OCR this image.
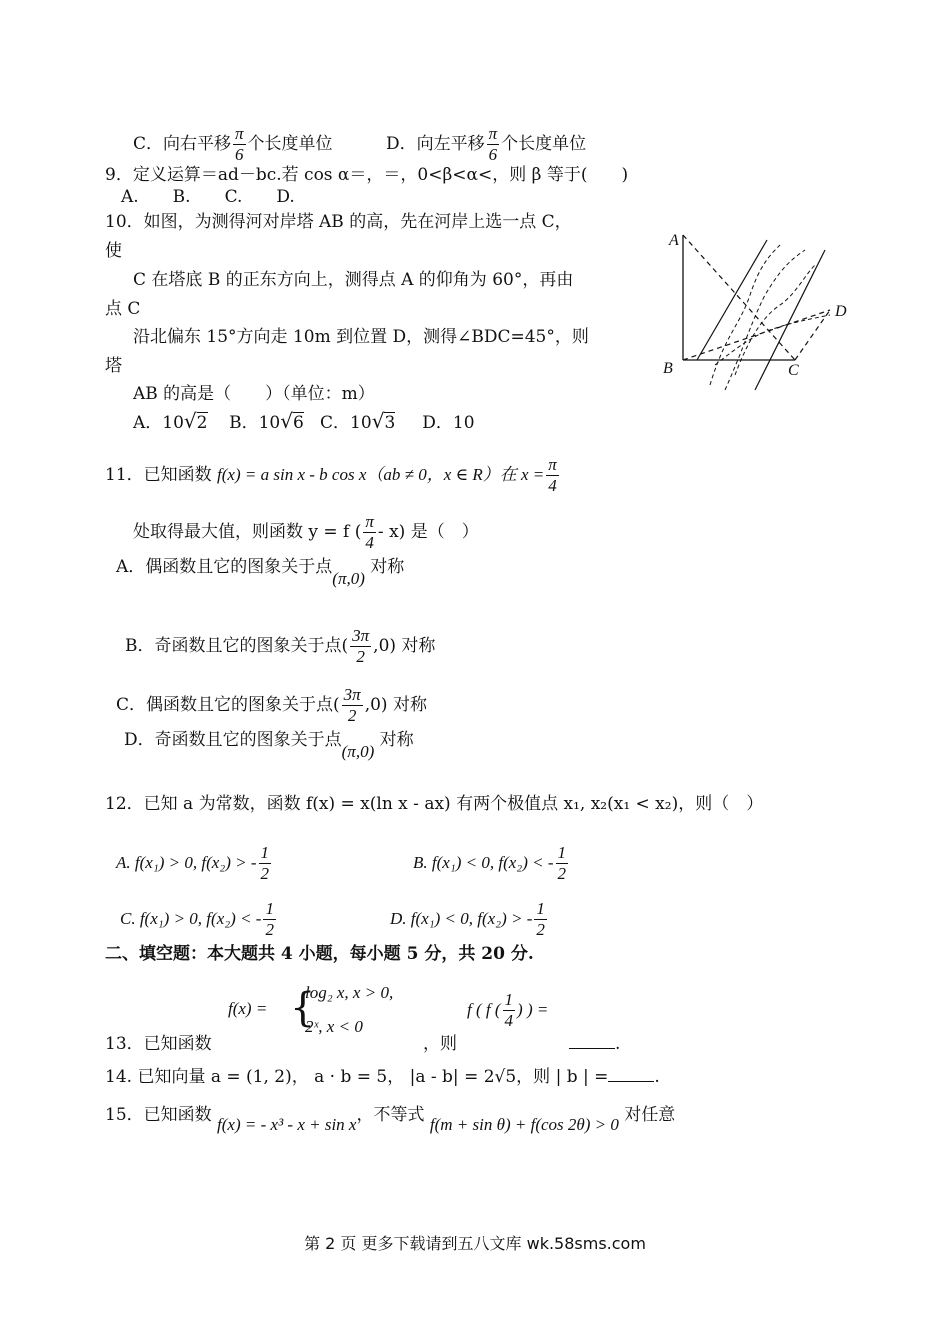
C．向右平移 $\frac{\pi}{6}$ 个长度单位	D．向左平移 $\frac{\pi}{6}$ 个长度单位
9．定义运算＝ad－bc.若 cos α＝，＝，0<β<α<，则 β 等于(　　)
A.　　B.　　C.　　D.
10．如图，为测得河对岸塔 AB 的高，先在河岸上选一点 C，
使
C 在塔底 B 的正东方向上，测得点 A 的仰角为 60°，再由
点 C
沿北偏东 15°方向走 10m 到位置 D，测得∠BDC=45°，则
塔
AB 的高是（　　）（单位：m）
A．10√2 B．10√6 C．10√3 D．10
A
B	C
D
11．已知函数 f(x) = a sin x - b cos x（ab ≠ 0，x ∈ R）在 $x = \frac{\pi}{4}$
处取得最大值，则函数 y = f ( $\frac{\pi}{4} - x$) 是（　）
A．偶函数且它的图象关于点(π,0) 对称
B．奇函数且它的图象关于点( $\frac{3\pi}{2} ,0$) 对称
C．偶函数且它的图象关于点( $\frac{3\pi}{2} ,0$) 对称
D．奇函数且它的图象关于点(π,0) 对称
12．已知 a 为常数，函数 f(x) = x(ln x - ax) 有两个极值点 x₁, x₂(x₁ < x₂)，则（　）
A. f(x₁) > 0, f(x₂) > - $\frac{1}{2}$	B. f(x₁) < 0, f(x₂) < - $\frac{1}{2}$
C. f(x₁) > 0, f(x₂) < - $\frac{1}{2}$	D. f(x₁) < 0, f(x₂) > - $\frac{1}{2}$
二、填空题：本大题共 4 小题，每小题 5 分，共 20 分.
f(x) = {
log₂ x, x > 0,
2ˣ, x < 0
f ( f ( $\frac{1}{4}$ ) ) =
13．已知函数	，则	.
14. 已知向量 a = (1, 2)， a · b = 5， |a - b| = 2√5，则 | b | =	.
15．已知函数 f(x) = - x³ - x + sin x，不等式 f(m + sin θ) + f(cos 2θ) > 0 对任意
第 2 页 更多下载请到五八文库 wk.58sms.com
